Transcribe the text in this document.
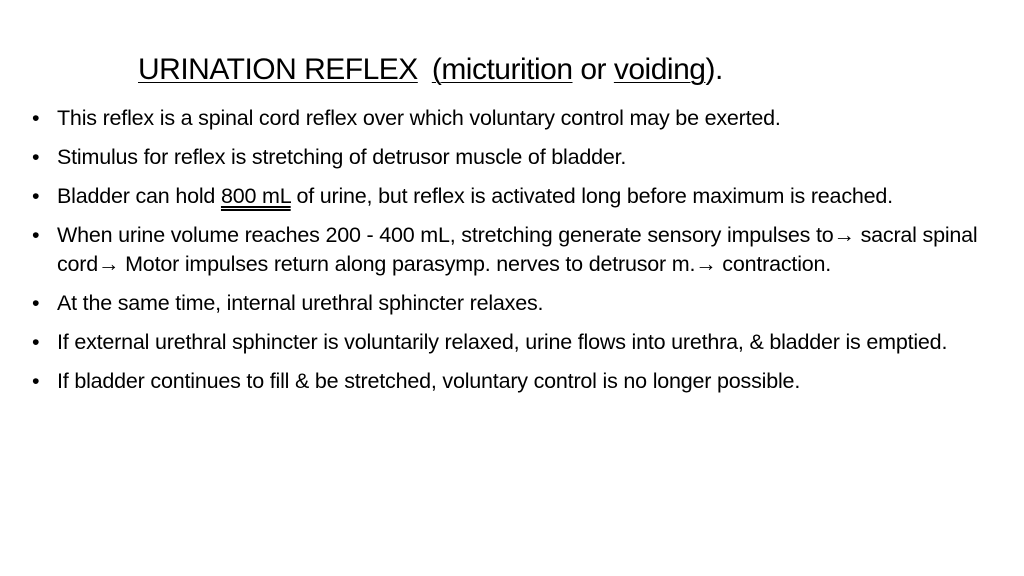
URINATION REFLEX (micturition or voiding).
• This reflex is a spinal cord reflex over which voluntary control may be exerted.
• Stimulus for reflex is stretching of detrusor muscle of bladder.
• Bladder can hold 800 mL of urine, but reflex is activated long before maximum is reached.
• When urine volume reaches 200 - 400 mL, stretching generate sensory impulses to→ sacral spinal cord→ Motor impulses return along parasymp. nerves to detrusor m.→ contraction.
• At the same time, internal urethral sphincter relaxes.
• If external urethral sphincter is voluntarily relaxed, urine flows into urethra, & bladder is emptied.
• If bladder continues to fill & be stretched, voluntary control is no longer possible.
